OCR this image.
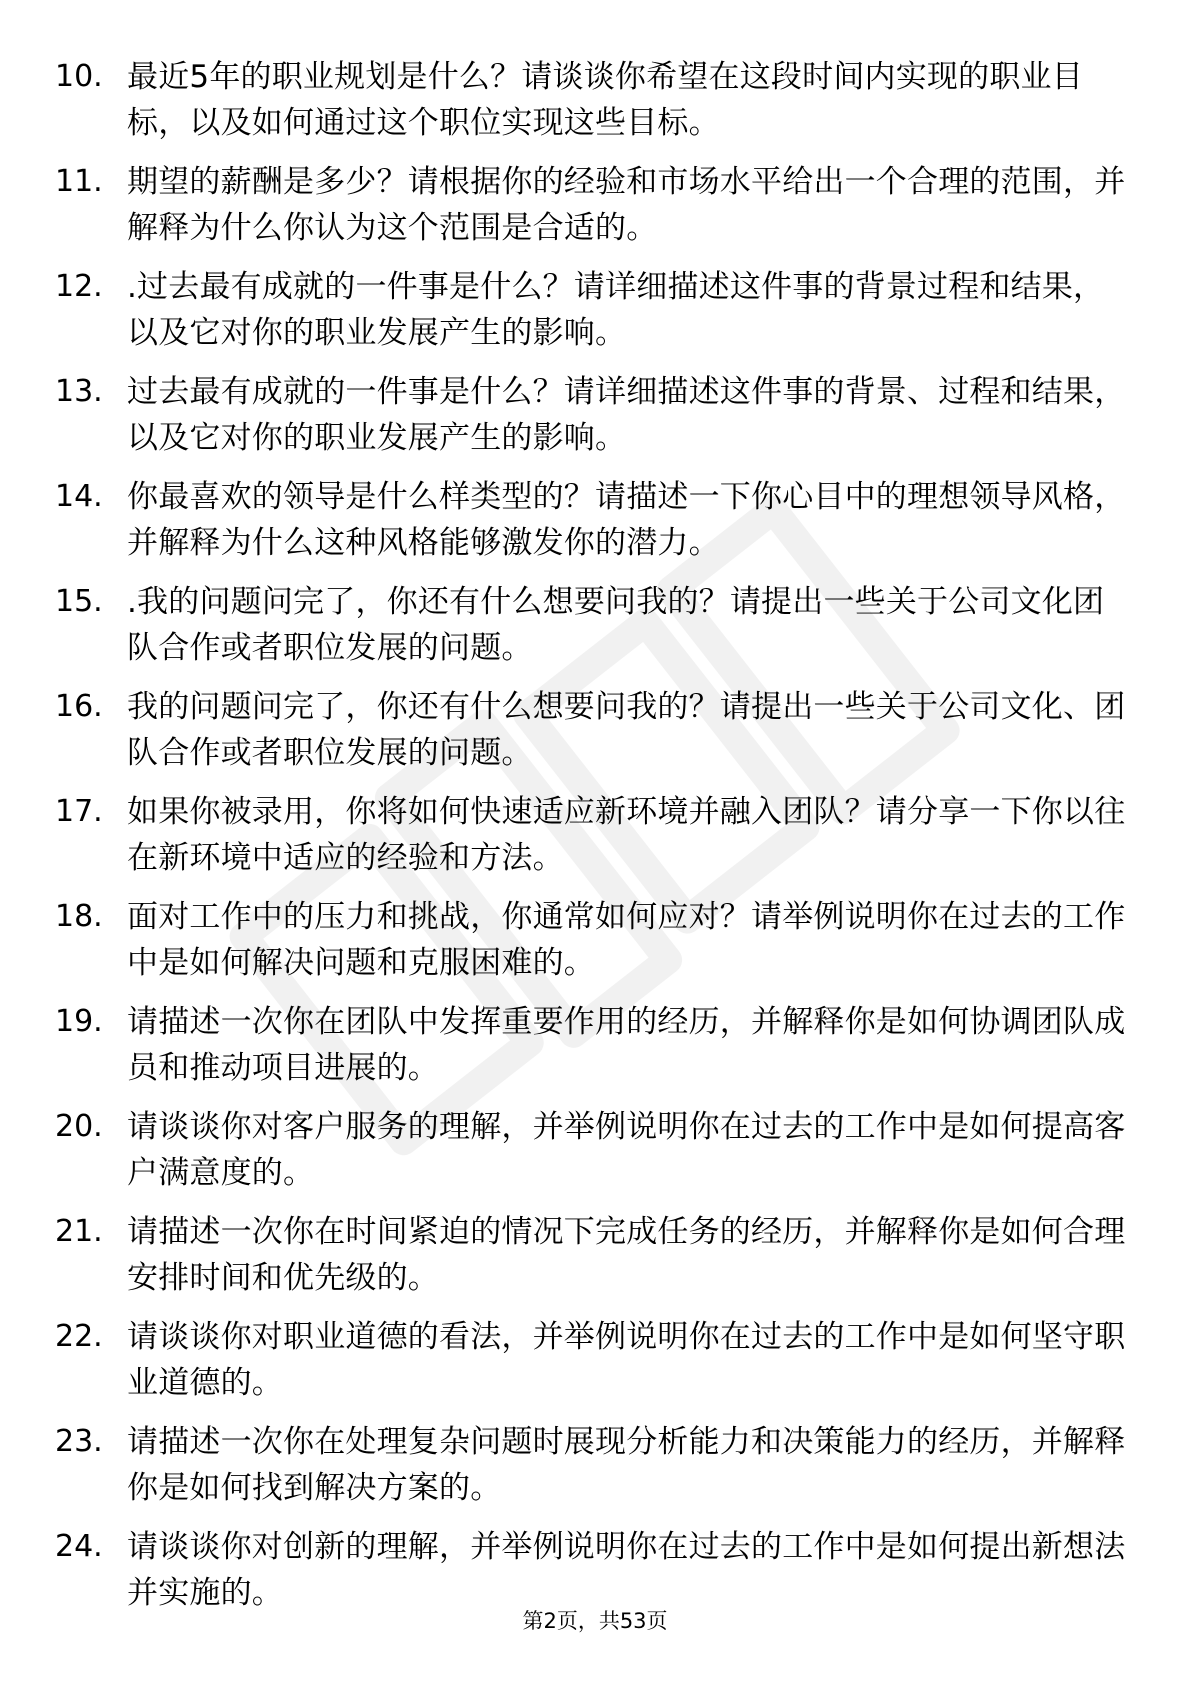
10. 最近5年的职业规划是什么？请谈谈你希望在这段时间内实现的职业目标，以及如何通过这个职位实现这些目标。
11. 期望的薪酬是多少？请根据你的经验和市场水平给出一个合理的范围，并解释为什么你认为这个范围是合适的。
12. .过去最有成就的一件事是什么？请详细描述这件事的背景过程和结果，以及它对你的职业发展产生的影响。
13. 过去最有成就的一件事是什么？请详细描述这件事的背景、过程和结果，以及它对你的职业发展产生的影响。
14. 你最喜欢的领导是什么样类型的？请描述一下你心目中的理想领导风格，并解释为什么这种风格能够激发你的潜力。
15. .我的问题问完了，你还有什么想要问我的？请提出一些关于公司文化团队合作或者职位发展的问题。
16. 我的问题问完了，你还有什么想要问我的？请提出一些关于公司文化、团队合作或者职位发展的问题。
17. 如果你被录用，你将如何快速适应新环境并融入团队？请分享一下你以往在新环境中适应的经验和方法。
18. 面对工作中的压力和挑战，你通常如何应对？请举例说明你在过去的工作中是如何解决问题和克服困难的。
19. 请描述一次你在团队中发挥重要作用的经历，并解释你是如何协调团队成员和推动项目进展的。
20. 请谈谈你对客户服务的理解，并举例说明你在过去的工作中是如何提高客户满意度的。
21. 请描述一次你在时间紧迫的情况下完成任务的经历，并解释你是如何合理安排时间和优先级的。
22. 请谈谈你对职业道德的看法，并举例说明你在过去的工作中是如何坚守职业道德的。
23. 请描述一次你在处理复杂问题时展现分析能力和决策能力的经历，并解释你是如何找到解决方案的。
24. 请谈谈你对创新的理解，并举例说明你在过去的工作中是如何提出新想法并实施的。
第2页，共53页
